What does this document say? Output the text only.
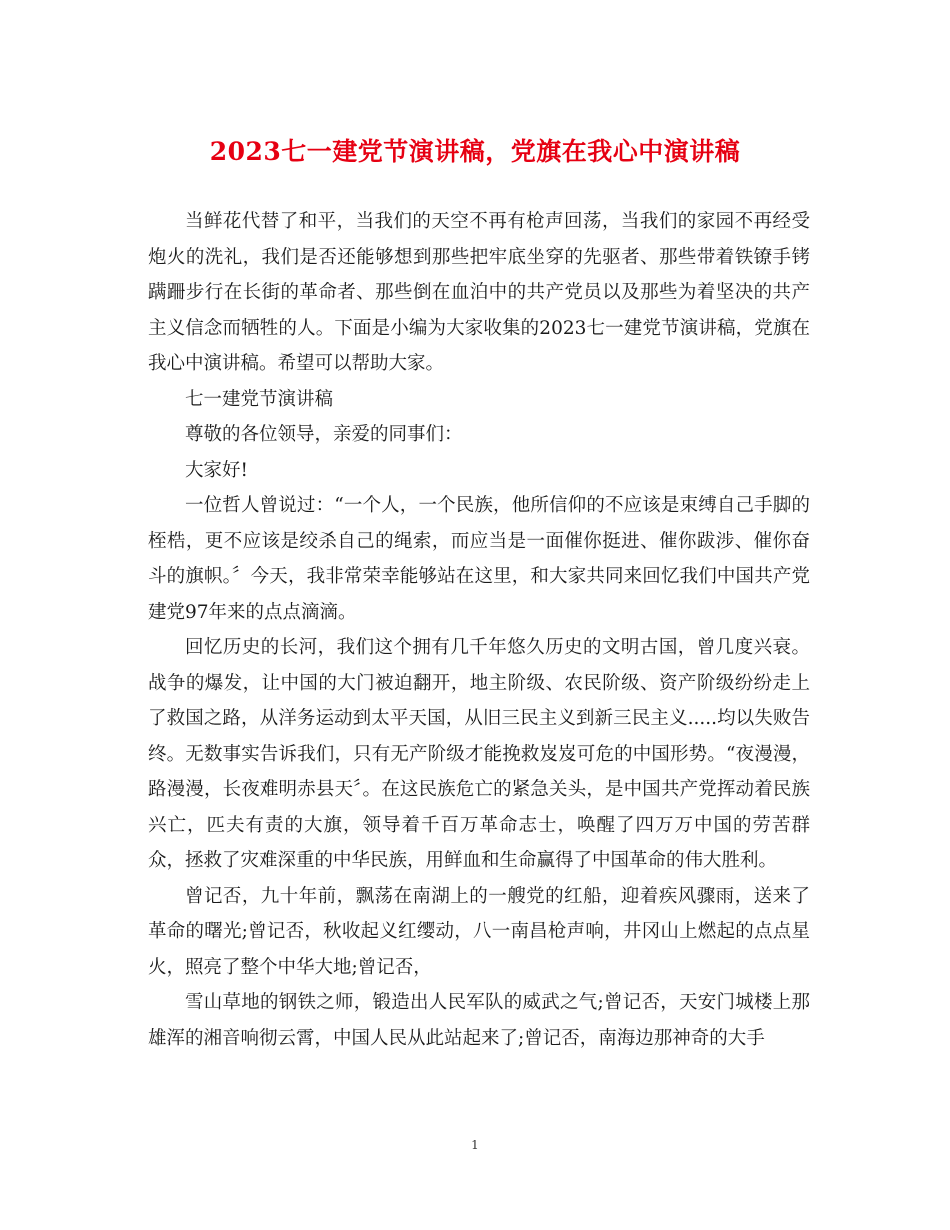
2023七一建党节演讲稿，党旗在我心中演讲稿

当鲜花代替了和平，当我们的天空不再有枪声回荡，当我们的家园不再经受炮火的洗礼，我们是否还能够想到那些把牢底坐穿的先驱者、那些带着铁镣手铐蹒跚步行在长街的革命者、那些倒在血泊中的共产党员以及那些为着坚决的共产主义信念而牺牲的人。下面是小编为大家收集的2023七一建党节演讲稿，党旗在我心中演讲稿。希望可以帮助大家。

七一建党节演讲稿

尊敬的各位领导，亲爱的同事们：

大家好!

一位哲人曾说过：“一个人，一个民族，他所信仰的不应该是束缚自己手脚的桎梏，更不应该是绞杀自己的绳索，而应当是一面催你挺进、催你跋涉、催你奋斗的旗帜。〞今天，我非常荣幸能够站在这里，和大家共同来回忆我们中国共产党建党97年来的点点滴滴。

回忆历史的长河，我们这个拥有几千年悠久历史的文明古国，曾几度兴衰。战争的爆发，让中国的大门被迫翻开，地主阶级、农民阶级、资产阶级纷纷走上了救国之路，从洋务运动到太平天国，从旧三民主义到新三民主义.....均以失败告终。无数事实告诉我们，只有无产阶级才能挽救岌岌可危的中国形势。“夜漫漫，路漫漫，长夜难明赤县天〞。在这民族危亡的紧急关头，是中国共产党挥动着民族兴亡，匹夫有责的大旗，领导着千百万革命志士，唤醒了四万万中国的劳苦群众，拯救了灾难深重的中华民族，用鲜血和生命赢得了中国革命的伟大胜利。

曾记否，九十年前，飘荡在南湖上的一艘党的红船，迎着疾风骤雨，送来了革命的曙光;曾记否，秋收起义红缨动，八一南昌枪声响，井冈山上燃起的点点星火，照亮了整个中华大地;曾记否，

雪山草地的钢铁之师，锻造出人民军队的威武之气;曾记否，天安门城楼上那雄浑的湘音响彻云霄，中国人民从此站起来了;曾记否，南海边那神奇的大手

1
